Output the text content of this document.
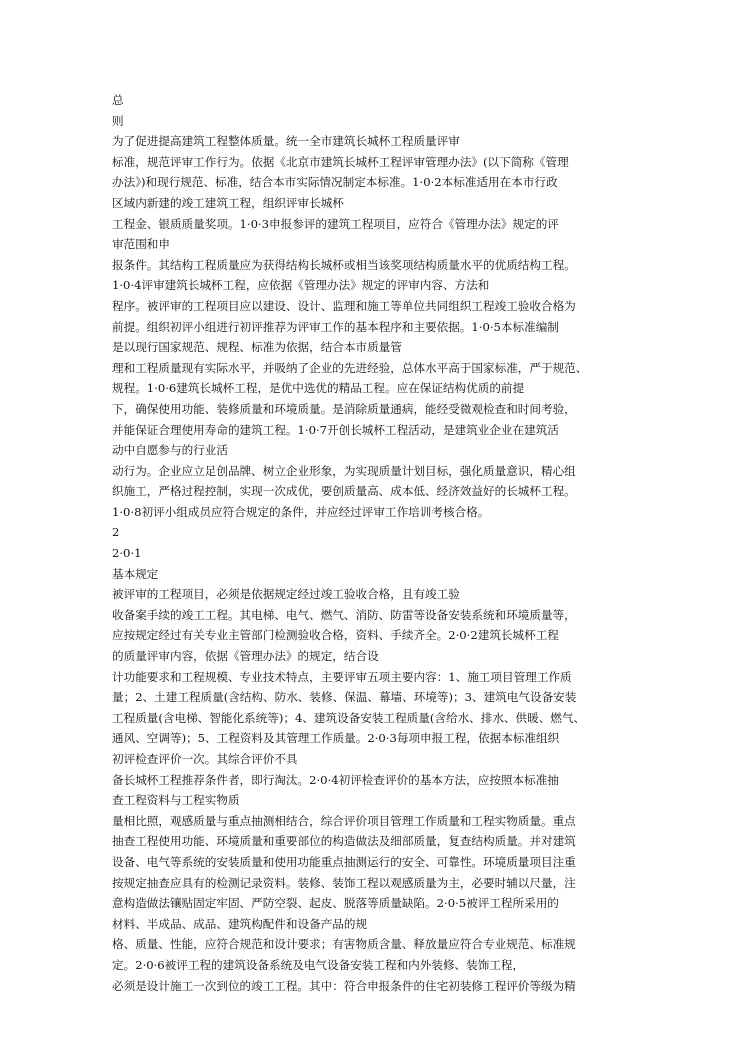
总
则
为了促进提高建筑工程整体质量。统一全市建筑长城杯工程质量评审
标准，规范评审工作行为。依据《北京市建筑长城杯工程评审管理办法》(以下简称《管理
办法》)和现行规范、标准，结合本市实际情况制定本标准。1·0·2本标准适用在本市行政
区域内新建的竣工建筑工程，组织评审长城杯
工程金、银质质量奖项。1·0·3申报参评的建筑工程项目，应符合《管理办法》规定的评
审范围和申
报条件。其结构工程质量应为获得结构长城杯或相当该奖项结构质量水平的优质结构工程。
1·0·4评审建筑长城杯工程，应依据《管理办法》规定的评审内容、方法和
程序。被评审的工程项目应以建设、设计、监理和施工等单位共同组织工程竣工验收合格为
前提。组织初评小组进行初评推荐为评审工作的基本程序和主要依据。1·0·5本标准编制
是以现行国家规范、规程、标准为依据，结合本市质量管
理和工程质量现有实际水平，并吸纳了企业的先进经验，总体水平高于国家标准，严于规范、
规程。1·0·6建筑长城杯工程，是优中选优的精品工程。应在保证结构优质的前提
下，确保使用功能、装修质量和环境质量。是消除质量通病，能经受微观检查和时间考验，
并能保证合理使用寿命的建筑工程。1·0·7开创长城杯工程活动，是建筑业企业在建筑活
动中自愿参与的行业活
动行为。企业应立足创品牌、树立企业形象，为实现质量计划目标，强化质量意识，精心组
织施工，严格过程控制，实现一次成优，要创质量高、成本低、经济效益好的长城杯工程。
1·0·8初评小组成员应符合规定的条件，并应经过评审工作培训考核合格。
2
2·0·1
基本规定
被评审的工程项目，必须是依据规定经过竣工验收合格，且有竣工验
收备案手续的竣工工程。其电梯、电气、燃气、消防、防雷等设备安装系统和环境质量等，
应按规定经过有关专业主管部门检测验收合格，资料、手续齐全。2·0·2建筑长城杯工程
的质量评审内容，依据《管理办法》的规定，结合设
计功能要求和工程规模、专业技术特点，主要评审五项主要内容：1、施工项目管理工作质
量；2、土建工程质量(含结构、防水、装修、保温、幕墙、环境等)；3、建筑电气设备安装
工程质量(含电梯、智能化系统等)；4、建筑设备安装工程质量(含给水、排水、供暖、燃气、
通风、空调等)；5、工程资料及其管理工作质量。2·0·3每项申报工程，依据本标准组织
初评检查评价一次。其综合评价不具
备长城杯工程推荐条件者，即行淘汰。2·0·4初评检查评价的基本方法，应按照本标准抽
查工程资料与工程实物质
量相比照，观感质量与重点抽测相结合，综合评价项目管理工作质量和工程实物质量。重点
抽查工程使用功能、环境质量和重要部位的构造做法及细部质量，复查结构质量。并对建筑
设备、电气等系统的安装质量和使用功能重点抽测运行的安全、可靠性。环境质量项目注重
按规定抽查应具有的检测记录资料。装修、装饰工程以观感质量为主，必要时辅以尺量，注
意构造做法镶贴固定牢固、严防空裂、起皮、脱落等质量缺陷。2·0·5被评工程所采用的
材料、半成品、成品、建筑构配件和设备产品的规
格、质量、性能，应符合规范和设计要求；有害物质含量、释放量应符合专业规范、标准规
定。2·0·6被评工程的建筑设备系统及电气设备安装工程和内外装修、装饰工程，
必须是设计施工一次到位的竣工工程。其中：符合申报条件的住宅初装修工程评价等级为精
